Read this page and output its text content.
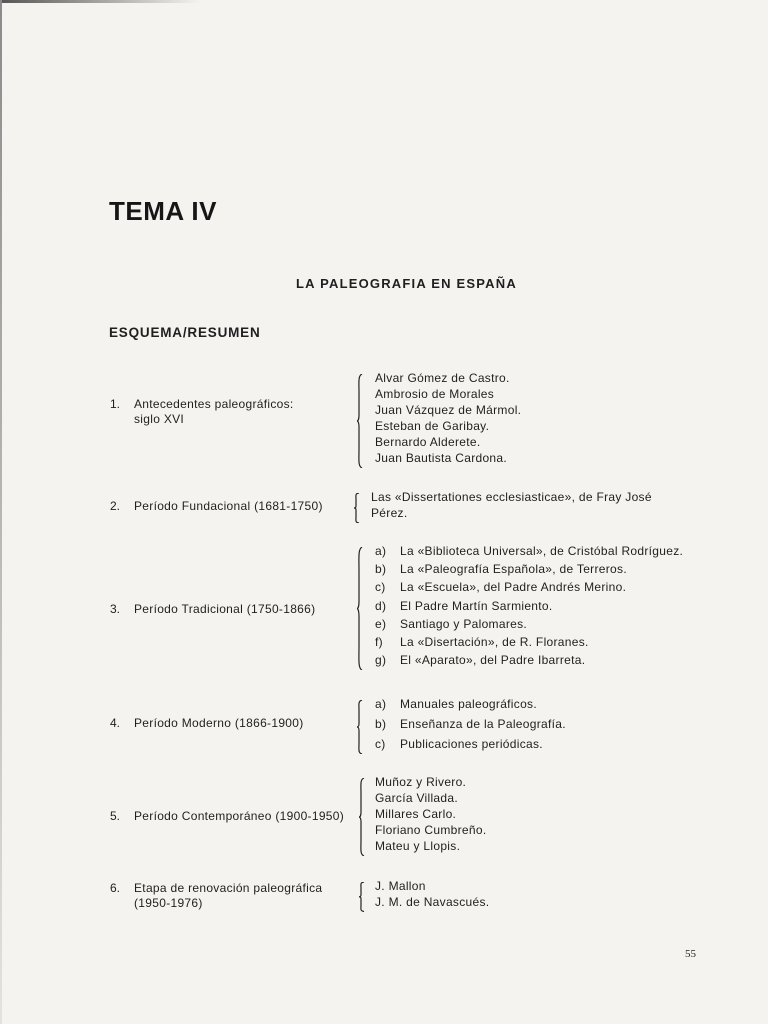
TEMA IV
LA PALEOGRAFIA EN ESPAÑA
ESQUEMA/RESUMEN
1. Antecedentes paleográficos:
siglo XVI
Alvar Gómez de Castro.
Ambrosio de Morales
Juan Vázquez de Mármol.
Esteban de Garibay.
Bernardo Alderete.
Juan Bautista Cardona.
2. Período Fundacional (1681-1750)
Las «Dissertationes ecclesiasticae», de Fray José
Pérez.
3. Período Tradicional (1750-1866)
a) La «Biblioteca Universal», de Cristóbal Rodríguez.
b) La «Paleografía Española», de Terreros.
c) La «Escuela», del Padre Andrés Merino.
d) El Padre Martín Sarmiento.
e) Santiago y Palomares.
f) La «Disertación», de R. Floranes.
g) El «Aparato», del Padre Ibarreta.
4. Período Moderno (1866-1900)
a) Manuales paleográficos.
b) Enseñanza de la Paleografía.
c) Publicaciones periódicas.
5. Período Contemporáneo (1900-1950)
Muñoz y Rivero.
García Villada.
Millares Carlo.
Floriano Cumbreño.
Mateu y Llopis.
6. Etapa de renovación paleográfica
(1950-1976)
J. Mallon
J. M. de Navascués.
55
